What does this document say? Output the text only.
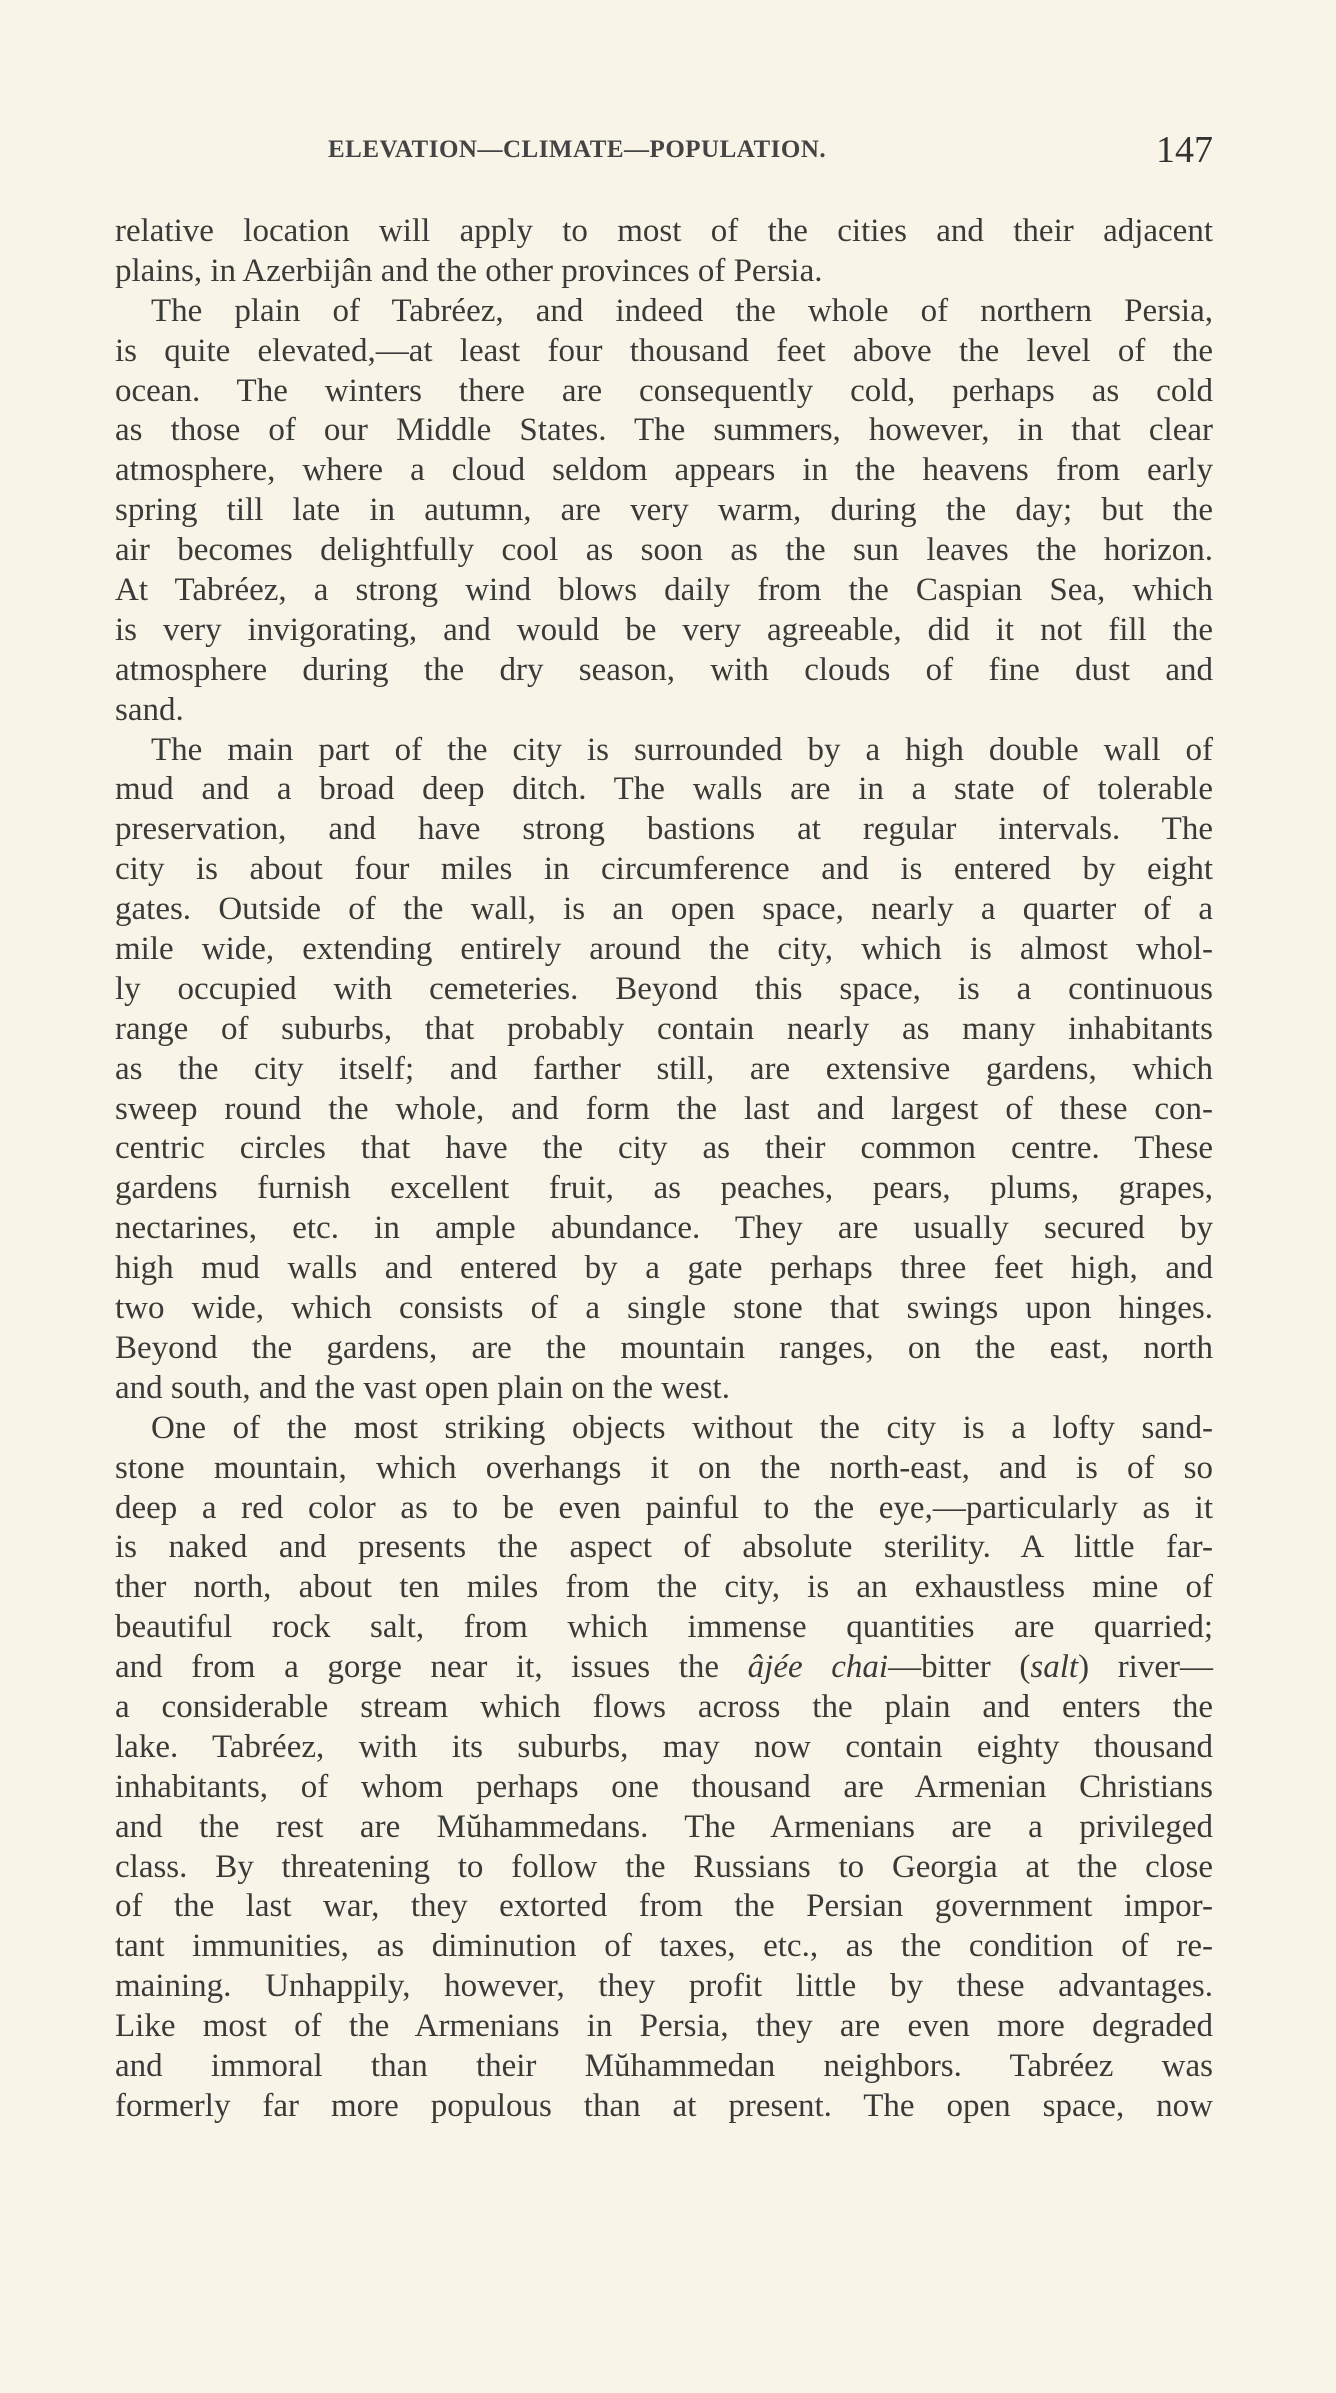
ELEVATION—CLIMATE—POPULATION.	147
relative location will apply to most of the cities and their adjacent
plains, in Azerbijân and the other provinces of Persia.
The plain of Tabréez, and indeed the whole of northern Persia,
is quite elevated,—at least four thousand feet above the level of the
ocean. The winters there are consequently cold, perhaps as cold
as those of our Middle States. The summers, however, in that clear
atmosphere, where a cloud seldom appears in the heavens from early
spring till late in autumn, are very warm, during the day; but the
air becomes delightfully cool as soon as the sun leaves the horizon.
At Tabréez, a strong wind blows daily from the Caspian Sea, which
is very invigorating, and would be very agreeable, did it not fill the
atmosphere during the dry season, with clouds of fine dust and
sand.
The main part of the city is surrounded by a high double wall of
mud and a broad deep ditch. The walls are in a state of tolerable
preservation, and have strong bastions at regular intervals. The
city is about four miles in circumference and is entered by eight
gates. Outside of the wall, is an open space, nearly a quarter of a
mile wide, extending entirely around the city, which is almost whol-
ly occupied with cemeteries. Beyond this space, is a continuous
range of suburbs, that probably contain nearly as many inhabitants
as the city itself; and farther still, are extensive gardens, which
sweep round the whole, and form the last and largest of these con-
centric circles that have the city as their common centre. These
gardens furnish excellent fruit, as peaches, pears, plums, grapes,
nectarines, etc. in ample abundance. They are usually secured by
high mud walls and entered by a gate perhaps three feet high, and
two wide, which consists of a single stone that swings upon hinges.
Beyond the gardens, are the mountain ranges, on the east, north
and south, and the vast open plain on the west.
One of the most striking objects without the city is a lofty sand-
stone mountain, which overhangs it on the north-east, and is of so
deep a red color as to be even painful to the eye,—particularly as it
is naked and presents the aspect of absolute sterility. A little far-
ther north, about ten miles from the city, is an exhaustless mine of
beautiful rock salt, from which immense quantities are quarried;
and from a gorge near it, issues the âjée chai—bitter (salt) river—
a considerable stream which flows across the plain and enters the
lake. Tabréez, with its suburbs, may now contain eighty thousand
inhabitants, of whom perhaps one thousand are Armenian Christians
and the rest are Mŭhammedans. The Armenians are a privileged
class. By threatening to follow the Russians to Georgia at the close
of the last war, they extorted from the Persian government impor-
tant immunities, as diminution of taxes, etc., as the condition of re-
maining. Unhappily, however, they profit little by these advantages.
Like most of the Armenians in Persia, they are even more degraded
and immoral than their Mŭhammedan neighbors. Tabréez was
formerly far more populous than at present. The open space, now
